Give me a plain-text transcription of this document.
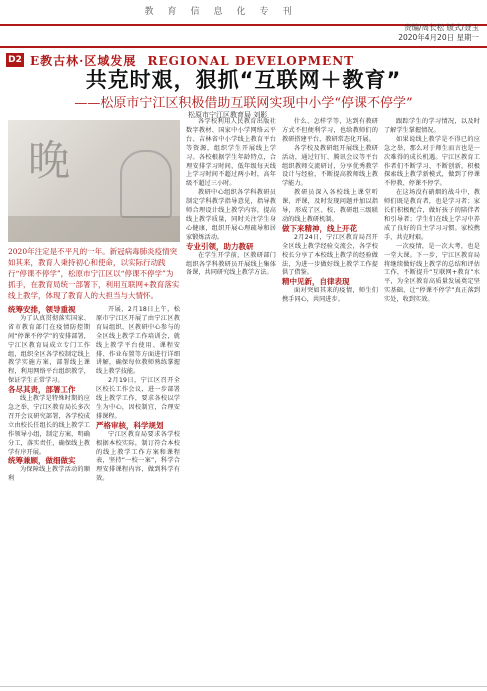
教育信息化专刊
D2 E教古林·区域发展 REGIONAL DEVELOPMENT
责编/周长松 版式/聂玉
2020年4月20日 星期一
共克时艰，狠抓“互联网＋教育”
——松原市宁江区积极借助互联网实现中小学“停课不停学”
松原市宁江区教育局 刘影
晚
2020年注定是不平凡的一年。新冠病毒肺炎疫情突如其来，教育人秉持初心和使命，以实际行动践行“停课不停学”，松原市宁江区以“停课不停学”为抓手，在教育局统一部署下，利用互联网+教育落实线上教学，体现了教育人的大担当与大情怀。

统筹安排，领导重视

为了认真贯彻落实国家、省市教育部门在疫情防控期间“停课不停学”的安排部署，宁江区教育局成立专门工作组，组织全区各学校制定线上教学实施方案，部署线上课程，利用网络平台组织教学，保证学生正常学习。

各尽其责，部署工作

线上教学是特殊时期的应急之举，宁江区教育局长多次召开会议研究部署，各学校成立由校长任组长的线上教学工作领导小组，制定方案，明确分工，落实责任，确保线上教学有序开展。

统筹兼顾，做细做实

为保障线上教学活动的顺利

开展，2月18日上午，松原市宁江区开展了由宁江区教育局组织、区教研中心参与的全区线上教学工作培训会，就线上教学平台使用、课程安排、作业布置等方面进行详细讲解，确保每位教师熟练掌握线上教学技能。

2月19日，宁江区召开全区校长工作会议，进一步部署线上教学工作，要求各校以学生为中心，因校制宜，合理安排课程。

严格审核，科学规划

宁江区教育局要求各学校根据本校实际，制订符合本校的线上教学工作方案和课程表，坚持“一校一案”，科学合理安排课程内容，做到科学有效。

各学校利用人民教育出版社数字教材、国家中小学网络云平台、吉林省中小学线上教育平台等资源，组织学生开展线上学习。各校根据学生年龄特点，合理安排学习时间，低年级每天线上学习时间不超过两小时，高年级不超过三小时。

教研中心组织各学科教研员制定学科教学指导意见，指导教师合理设计线上教学内容，提高线上教学质量，同时关注学生身心健康，组织开展心理疏导和居家锻炼活动。

专业引领，助力教研

在学生开学前，区教研部门组织各学科教研员开展线上集体备课，共同研究线上教学方法。

什么、怎样学等，达到有教研方式不但便利学习，也给教师们的教研搭建平台，教研常态化开展。

各学校及教研组开展线上教研活动，通过钉钉、腾讯会议等平台组织教师交流研讨，分享优秀教学设计与经验，不断提高教师线上教学能力。

教研员深入各校线上课堂听课、评课，及时发现问题并加以指导，形成了区、校、教研组三级联动的线上教研机制。

做下来精神，线上开花

2月24日，宁江区教育局召开全区线上教学经验交流会，各学校校长分享了本校线上教学的经验做法，为进一步做好线上教学工作提供了借鉴。

精中见新，自律表现

面对突如其来的疫情，师生们携手同心，共同进步。

跟踪学生的学习情况，以及时了解学生掌握情况。

如果说线上教学是不得已的应急之举，那么对于师生而言也是一次难得的成长机遇。宁江区教育工作者们不断学习、不断创新，积极探索线上教学新模式，做到了停课不停教、停课不停学。

在这场没有硝烟的战斗中，教师们既是教育者，也是学习者；家长们积极配合，做好孩子的陪伴者和引导者；学生们在线上学习中养成了良好的自主学习习惯。家校携手，共克时艰。

一次疫情，是一次大考，也是一堂大课。下一步，宁江区教育局将继续做好线上教学的总结和评估工作，不断提升“互联网+教育”水平，为全区教育高质量发展奠定坚实基础，让“停课不停学”真正落到实处，收到实效。
